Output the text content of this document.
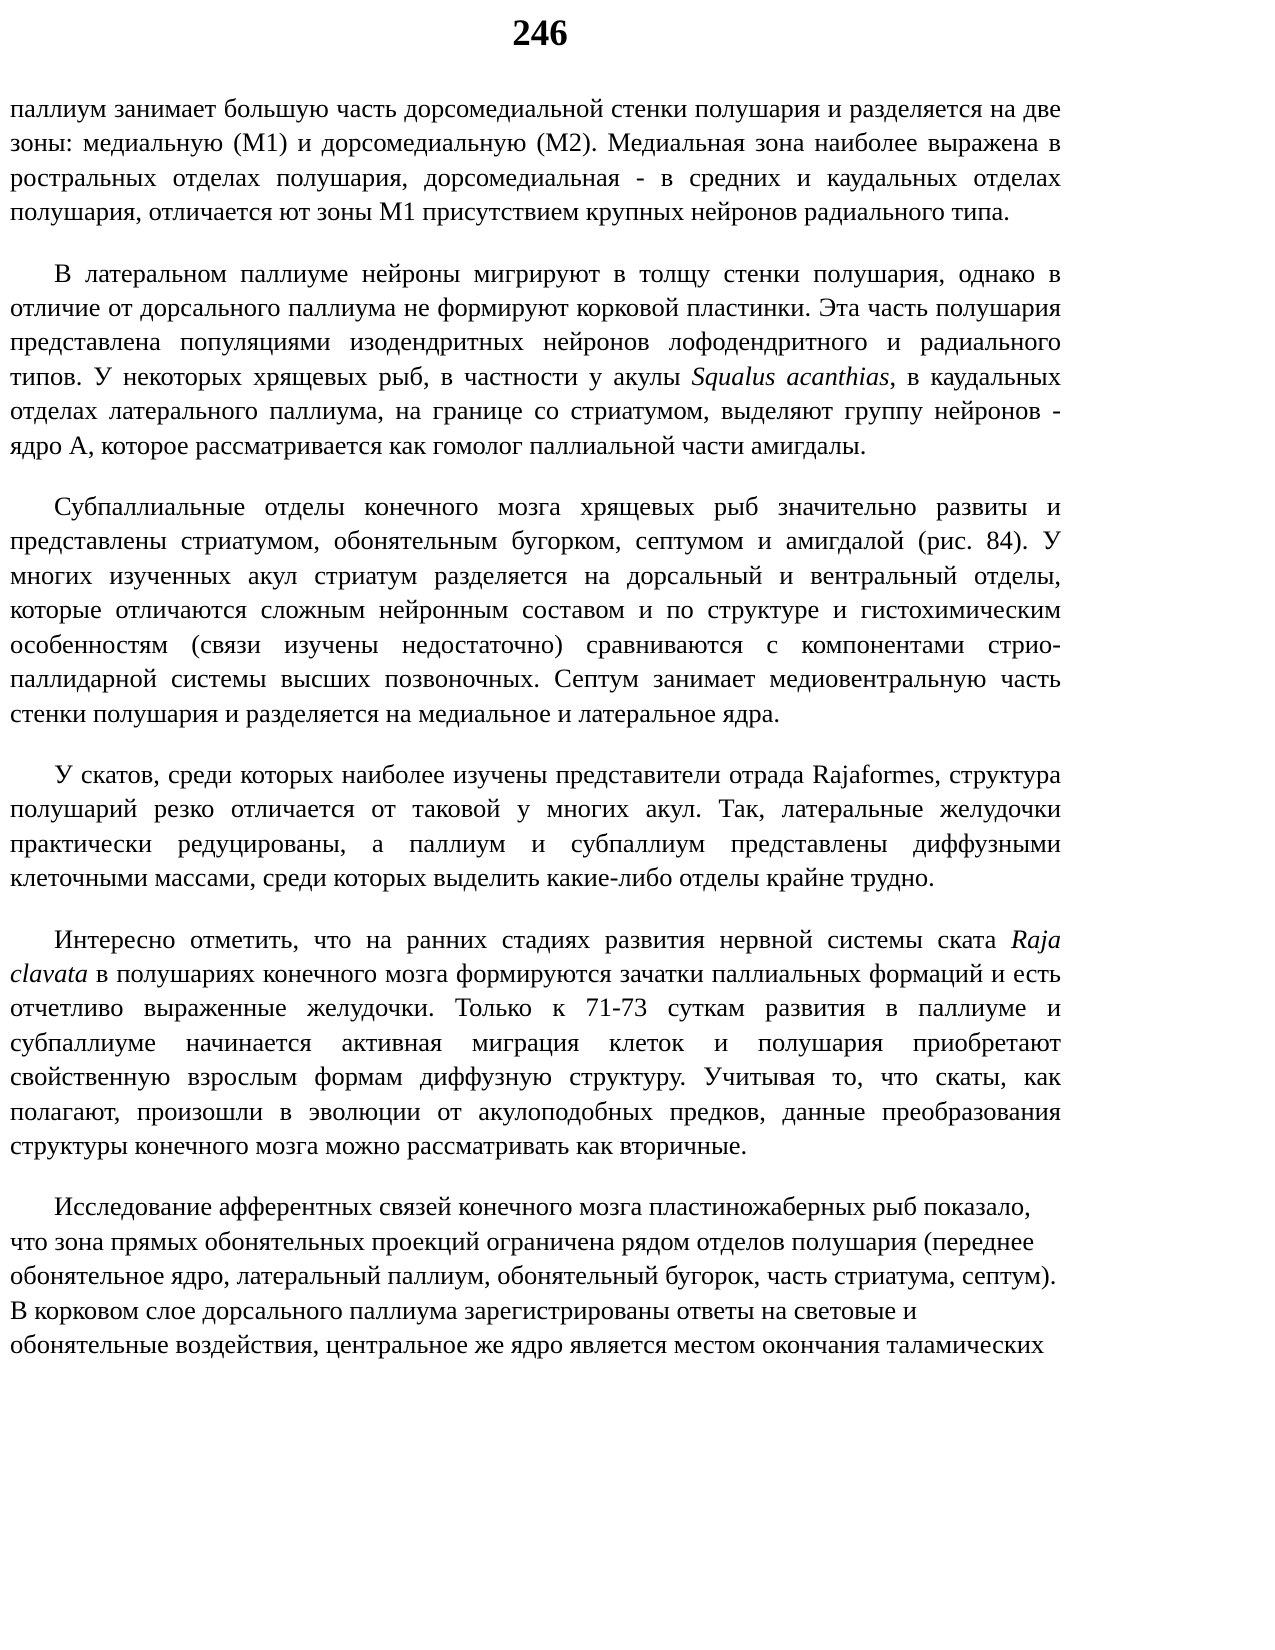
246

паллиум занимает большую часть дорсомедиальной стенки полушария и разделяется на две зоны: медиальную (М1) и дорсомедиальную (М2). Медиальная зона наиболее выражена в ростральных отделах полушария, дорсомедиальная - в средних и каудальных отделах полушария, отличается ют зоны М1 присутствием крупных нейронов радиального типа.

В латеральном паллиуме нейроны мигрируют в толщу стенки полушария, однако в отличие от дорсального паллиума не формируют корковой пластинки. Эта часть полушария представлена популяциями изодендритных нейронов лофодендритного и радиального типов. У некоторых хрящевых рыб, в частности у акулы Squalus acanthias, в каудальных отделах латерального паллиума, на границе со стриатумом, выделяют группу нейронов - ядро А, которое рассматривается как гомолог паллиальной части амигдалы.

Субпаллиальные отделы конечного мозга хрящевых рыб значительно развиты и представлены стриатумом, обонятельным бугорком, септумом и амигдалой (рис. 84). У многих изученных акул стриатум разделяется на дорсальный и вентральный отделы, которые отличаются сложным нейронным составом и по структуре и гистохимическим особенностям (связи изучены недостаточно) сравниваются с компонентами стрио-паллидарной системы высших позвоночных. Септум занимает медиовентральную часть стенки полушария и разделяется на медиальное и латеральное ядра.

У скатов, среди которых наиболее изучены представители отрада Rajaformes, структура полушарий резко отличается от таковой у многих акул. Так, латеральные желудочки практически редуцированы, а паллиум и субпаллиум представлены диффузными клеточными массами, среди которых выделить какие-либо отделы крайне трудно.

Интересно отметить, что на ранних стадиях развития нервной системы ската Raja clavata в полушариях конечного мозга формируются зачатки паллиальных формаций и есть отчетливо выраженные желудочки. Только к 71-73 суткам развития в паллиуме и субпаллиуме начинается активная миграция клеток и полушария приобретают свойственную взрослым формам диффузную структуру. Учитывая то, что скаты, как полагают, произошли в эволюции от акулоподобных предков, данные преобразования структуры конечного мозга можно рассматривать как вторичные.

Исследование афферентных связей конечного мозга пластиножаберных рыб показало, что зона прямых обонятельных проекций ограничена рядом отделов полушария (переднее обонятельное ядро, латеральный паллиум, обонятельный бугорок, часть стриатума, септум). В корковом слое дорсального паллиума зарегистрированы ответы на световые и обонятельные воздействия, центральное же ядро является местом окончания таламических
